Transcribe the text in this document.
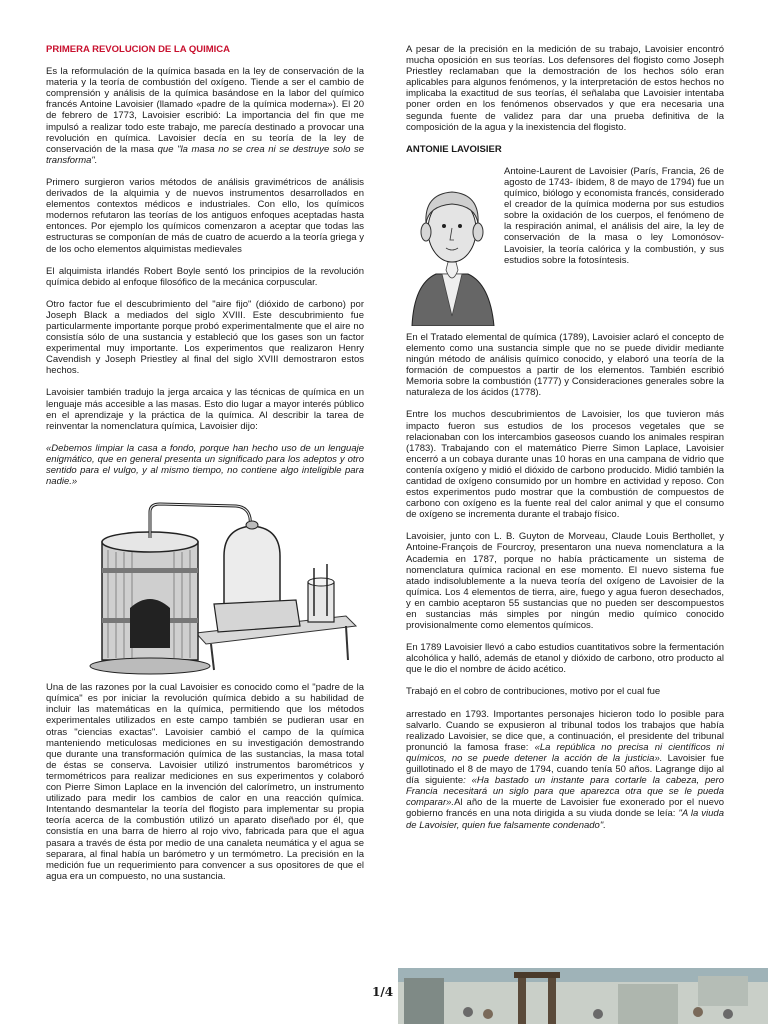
PRIMERA REVOLUCION DE LA QUIMICA

Es la reformulación de la química basada en la ley de conservación de la materia y la teoría de combustión del oxígeno. Tiende a ser el cambio de comprensión y análisis de la química basándose en la labor del químico francés Antoine Lavoisier (llamado «padre de la química moderna»). El 20 de febrero de 1773, Lavoisier escribió: La importancia del fin que me impulsó a realizar todo este trabajo, me parecía destinado a provocar una revolución en química. Lavoisier decía en su teoría de la ley de conservación de la masa que "la masa no se crea ni se destruye solo se transforma".

Primero surgieron varios métodos de análisis gravimétricos de análisis derivados de la alquimia y de nuevos instrumentos desarrollados en elementos contextos médicos e industriales. Con ello, los químicos modernos refutaron las teorías de los antiguos enfoques aceptadas hasta entonces. Por ejemplo los químicos comenzaron a aceptar que todas las estructuras se componían de más de cuatro de acuerdo a la teoría griega y de los ocho elementos alquimistas medievales

El alquimista irlandés Robert Boyle sentó los principios de la revolución química debido al enfoque filosófico de la mecánica corpuscular.

Otro factor fue el descubrimiento del "aire fijo" (dióxido de carbono) por Joseph Black a mediados del siglo XVIII. Este descubrimiento fue particularmente importante porque probó experimentalmente que el aire no consistía sólo de una sustancia y estableció que los gases son un factor experimental muy importante. Los experimentos que realizaron Henry Cavendish y Joseph Priestley al final del siglo XVIII demostraron estos hechos.

Lavoisier también tradujo la jerga arcaica y las técnicas de química en un lenguaje más accesible a las masas. Esto dio lugar a mayor interés público en el aprendizaje y la práctica de la química. Al describir la tarea de reinventar la nomenclatura química, Lavoisier dijo:

«Debemos limpiar la casa a fondo, porque han hecho uso de un lenguaje enigmático, que en general presenta un significado para los adeptos y otro sentido para el vulgo, y al mismo tiempo, no contiene algo inteligible para nadie.»

Una de las razones por la cual Lavoisier es conocido como el "padre de la química" es por iniciar la revolución química debido a su habilidad de incluir las matemáticas en la química, permitiendo que los métodos experimentales utilizados en este campo también se pudieran usar en otras "ciencias exactas". Lavoisier cambió el campo de la química manteniendo meticulosas mediciones en su investigación demostrando que durante una transformación química de las sustancias, la masa total de éstas se conserva. Lavoisier utilizó instrumentos barométricos y termométricos para realizar mediciones en sus experimentos y colaboró con Pierre Simon Laplace en la invención del calorímetro, un instrumento utilizado para medir los cambios de calor en una reacción química. Intentando desmantelar la teoría del flogisto para implementar su propia teoría acerca de la combustión utilizó un aparato diseñado por él, que consistía en una barra de hierro al rojo vivo, fabricada para que el agua pasara a través de ésta por medio de una canaleta neumática y el agua se separara, al final había un barómetro y un termómetro. La precisión en la medición fue un requerimiento para convencer a sus opositores de que el agua era un compuesto, no una sustancia.

A pesar de la precisión en la medición de su trabajo, Lavoisier encontró mucha oposición en sus teorías. Los defensores del flogisto como Joseph Priestley reclamaban que la demostración de los hechos sólo eran aplicables para algunos fenómenos, y la interpretación de estos hechos no implicaba la exactitud de sus teorías, él señalaba que Lavoisier intentaba poner orden en los fenómenos observados y que era necesaria una segunda fuente de validez para dar una prueba definitiva de la composición de la agua y la inexistencia del flogisto.

ANTONIE LAVOISIER
Antoine-Laurent de Lavoisier (París, Francia, 26 de agosto de 1743- íbidem, 8 de mayo de 1794) fue un químico, biólogo y economista francés, considerado el creador de la química moderna por sus estudios sobre la oxidación de los cuerpos, el fenómeno de la respiración animal, el análisis del aire, la ley de conservación de la masa o ley Lomonósov-Lavoisier, la teoría calórica y la combustión, y sus estudios sobre la fotosíntesis.

En el Tratado elemental de química (1789), Lavoisier aclaró el concepto de elemento como una sustancia simple que no se puede dividir mediante ningún método de análisis químico conocido, y elaboró una teoría de la formación de compuestos a partir de los elementos. También escribió Memoria sobre la combustión (1777) y Consideraciones generales sobre la naturaleza de los ácidos (1778).

Entre los muchos descubrimientos de Lavoisier, los que tuvieron más impacto fueron sus estudios de los procesos vegetales que se relacionaban con los intercambios gaseosos cuando los animales respiran (1783). Trabajando con el matemático Pierre Simon Laplace, Lavoisier encerró a un cobaya durante unas 10 horas en una campana de vidrio que contenía oxígeno y midió el dióxido de carbono producido. Midió también la cantidad de oxígeno consumido por un hombre en actividad y reposo. Con estos experimentos pudo mostrar que la combustión de compuestos de carbono con oxígeno es la fuente real del calor animal y que el consumo de oxígeno se incrementa durante el trabajo físico.

Lavoisier, junto con L. B. Guyton de Morveau, Claude Louis Berthollet, y Antoine-François de Fourcroy, presentaron una nueva nomenclatura a la Academia en 1787, porque no había prácticamente un sistema de nomenclatura química racional en ese momento. El nuevo sistema fue atado indisolublemente a la nueva teoría del oxígeno de Lavoisier de la química. Los 4 elementos de tierra, aire, fuego y agua fueron desechados, y en cambio aceptaron 55 sustancias que no pueden ser descompuestos en sustancias más simples por ningún medio químico conocido provisionalmente como elementos químicos.

En 1789 Lavoisier llevó a cabo estudios cuantitativos sobre la fermentación alcohólica y halló, además de etanol y dióxido de carbono, otro producto al que le dio el nombre de ácido acético.

Trabajó en el cobro de contribuciones, motivo por el cual fue

arrestado en 1793. Importantes personajes hicieron todo lo posible para salvarlo. Cuando se expusieron al tribunal todos los trabajos que había realizado Lavoisier, se dice que, a continuación, el presidente del tribunal pronunció la famosa frase: «La república no precisa ni científicos ni químicos, no se puede detener la acción de la justicia». Lavoisier fue guillotinado el 8 de mayo de 1794, cuando tenía 50 años. Lagrange dijo al día siguiente: «Ha bastado un instante para cortarle la cabeza, pero Francia necesitará un siglo para que aparezca otra que se le pueda comparar».Al año de la muerte de Lavoisier fue exonerado por el nuevo gobierno francés en una nota dirigida a su viuda donde se leía: "A la viuda de Lavoisier, quien fue falsamente condenado".

1/4
